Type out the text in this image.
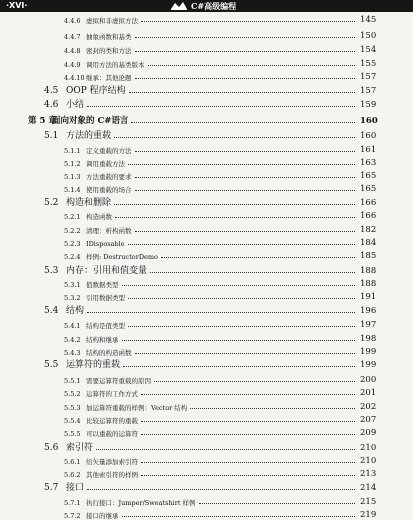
·XVI·	C#高级编程
4.4.6 虚拟和非虚拟方法	145
4.4.7 抽象函数和基类	150
4.4.8 密封的类和方法	154
4.4.9 调用方法的基类版本	155
4.4.10 继承：其他论题	157
4.5 OOP 程序结构	157
4.6 小结	159
第 5 章
面向对象的 C#语言	160
5.1 方法的重载	160
5.1.1 定义重载的方法	161
5.1.2 调用重载方法	163
5.1.3 方法重载的要求	165
5.1.4 使用重载的场合	165
5.2 构造和删除	166
5.2.1 构造函数	166
5.2.2 清理：析构函数	182
5.2.3 IDisposable	184
5.2.4 样例: DestructorDemo	185
5.3 内存：引用和值变量	188
5.3.1 值数据类型	188
5.3.2 引用数据类型	191
5.4 结构	196
5.4.1 结构是值类型	197
5.4.2 结构和继承	198
5.4.3 结构的构造函数	199
5.5 运算符的重载	199
5.5.1 需要运算符重载的原因	200
5.5.2 运算符的工作方式	201
5.5.3 加运算符重载的样例：Vector 结构	202
5.5.4 比较运算符的重载	207
5.5.5 可以重载的运算符	209
5.6 索引符	210
5.6.1 给矢量添加索引符	210
5.6.2 其他索引符的样例	213
5.7 接口	214
5.7.1 执行接口：Jumper/Sweatshirt 样例	215
5.7.2 接口的继承	219
